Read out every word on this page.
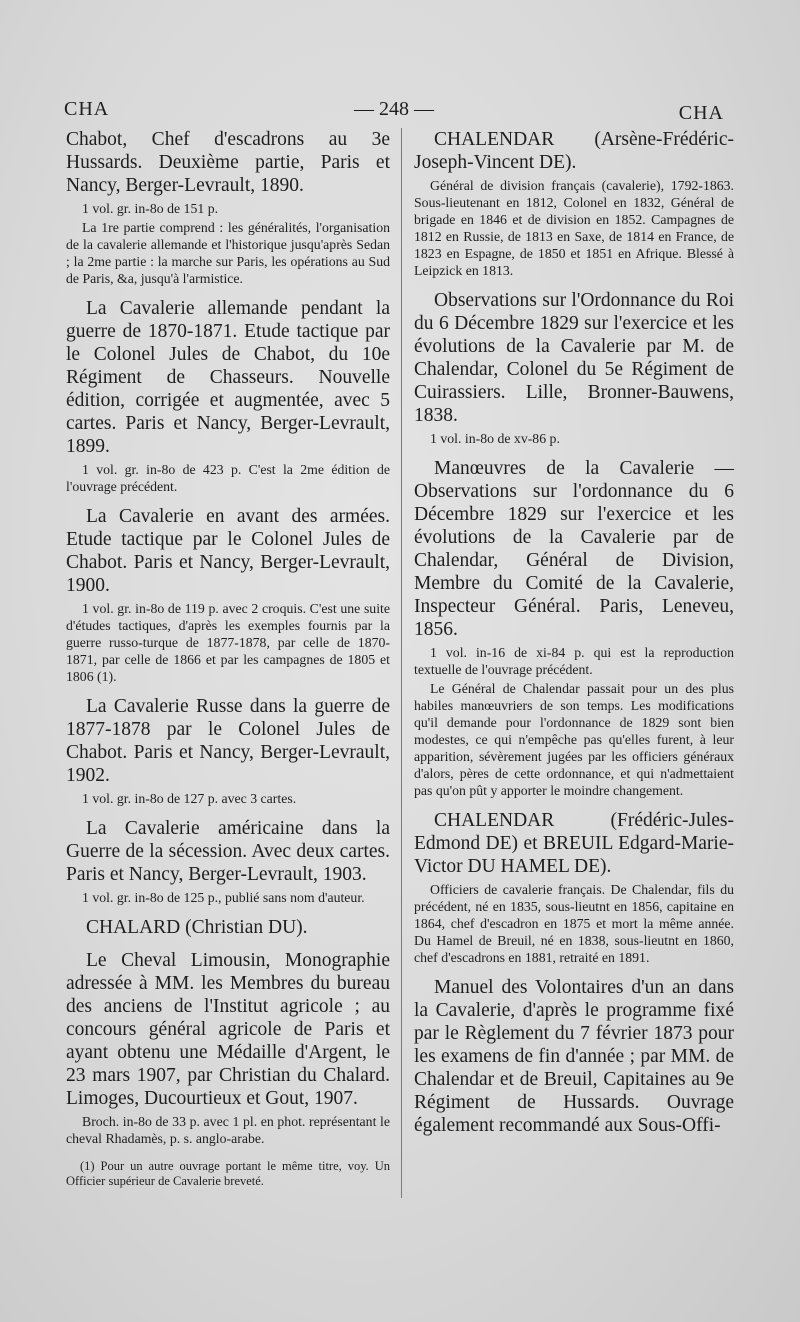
CHA	— 248 —	CHA

Chabot, Chef d'escadrons au 3e Hussards. Deuxième partie, Paris et Nancy, Berger-Levrault, 1890.

1 vol. gr. in-8o de 151 p.

La 1re partie comprend : les généralités, l'organisation de la cavalerie allemande et l'historique jusqu'après Sedan ; la 2me partie : la marche sur Paris, les opérations au Sud de Paris, &a, jusqu'à l'armistice.

La Cavalerie allemande pendant la guerre de 1870-1871. Etude tactique par le Colonel Jules de Chabot, du 10e Régiment de Chasseurs. Nouvelle édition, corrigée et augmentée, avec 5 cartes. Paris et Nancy, Berger-Levrault, 1899.

1 vol. gr. in-8o de 423 p. C'est la 2me édition de l'ouvrage précédent.

La Cavalerie en avant des armées. Etude tactique par le Colonel Jules de Chabot. Paris et Nancy, Berger-Levrault, 1900.

1 vol. gr. in-8o de 119 p. avec 2 croquis. C'est une suite d'études tactiques, d'après les exemples fournis par la guerre russo-turque de 1877-1878, par celle de 1870-1871, par celle de 1866 et par les campagnes de 1805 et 1806 (1).

La Cavalerie Russe dans la guerre de 1877-1878 par le Colonel Jules de Chabot. Paris et Nancy, Berger-Levrault, 1902.

1 vol. gr. in-8o de 127 p. avec 3 cartes.

La Cavalerie américaine dans la Guerre de la sécession. Avec deux cartes. Paris et Nancy, Berger-Levrault, 1903.

1 vol. gr. in-8o de 125 p., publié sans nom d'auteur.

CHALARD (Christian DU).

Le Cheval Limousin, Monographie adressée à MM. les Membres du bureau des anciens de l'Institut agricole ; au concours général agricole de Paris et ayant obtenu une Médaille d'Argent, le 23 mars 1907, par Christian du Chalard. Limoges, Ducourtieux et Gout, 1907.

Broch. in-8o de 33 p. avec 1 pl. en phot. représentant le cheval Rhadamès, p. s. anglo-arabe.

(1) Pour un autre ouvrage portant le même titre, voy. Un Officier supérieur de Cavalerie breveté.

CHALENDAR (Arsène-Frédéric-Joseph-Vincent DE).

Général de division français (cavalerie), 1792-1863. Sous-lieutenant en 1812, Colonel en 1832, Général de brigade en 1846 et de division en 1852. Campagnes de 1812 en Russie, de 1813 en Saxe, de 1814 en France, de 1823 en Espagne, de 1850 et 1851 en Afrique. Blessé à Leipzick en 1813.

Observations sur l'Ordonnance du Roi du 6 Décembre 1829 sur l'exercice et les évolutions de la Cavalerie par M. de Chalendar, Colonel du 5e Régiment de Cuirassiers. Lille, Bronner-Bauwens, 1838.

1 vol. in-8o de xv-86 p.

Manœuvres de la Cavalerie — Observations sur l'ordonnance du 6 Décembre 1829 sur l'exercice et les évolutions de la Cavalerie par de Chalendar, Général de Division, Membre du Comité de la Cavalerie, Inspecteur Général. Paris, Leneveu, 1856.

1 vol. in-16 de xi-84 p. qui est la reproduction textuelle de l'ouvrage précédent.

Le Général de Chalendar passait pour un des plus habiles manœuvriers de son temps. Les modifications qu'il demande pour l'ordonnance de 1829 sont bien modestes, ce qui n'empêche pas qu'elles furent, à leur apparition, sévèrement jugées par les officiers généraux d'alors, pères de cette ordonnance, et qui n'admettaient pas qu'on pût y apporter le moindre changement.

CHALENDAR (Frédéric-Jules-Edmond DE) et BREUIL Edgard-Marie-Victor DU HAMEL DE).

Officiers de cavalerie français. De Chalendar, fils du précédent, né en 1835, sous-lieutnt en 1856, capitaine en 1864, chef d'escadron en 1875 et mort la même année. Du Hamel de Breuil, né en 1838, sous-lieutnt en 1860, chef d'escadrons en 1881, retraité en 1891.

Manuel des Volontaires d'un an dans la Cavalerie, d'après le programme fixé par le Règlement du 7 février 1873 pour les examens de fin d'année ; par MM. de Chalendar et de Breuil, Capitaines au 9e Régiment de Hussards. Ouvrage également recommandé aux Sous-Offi-
